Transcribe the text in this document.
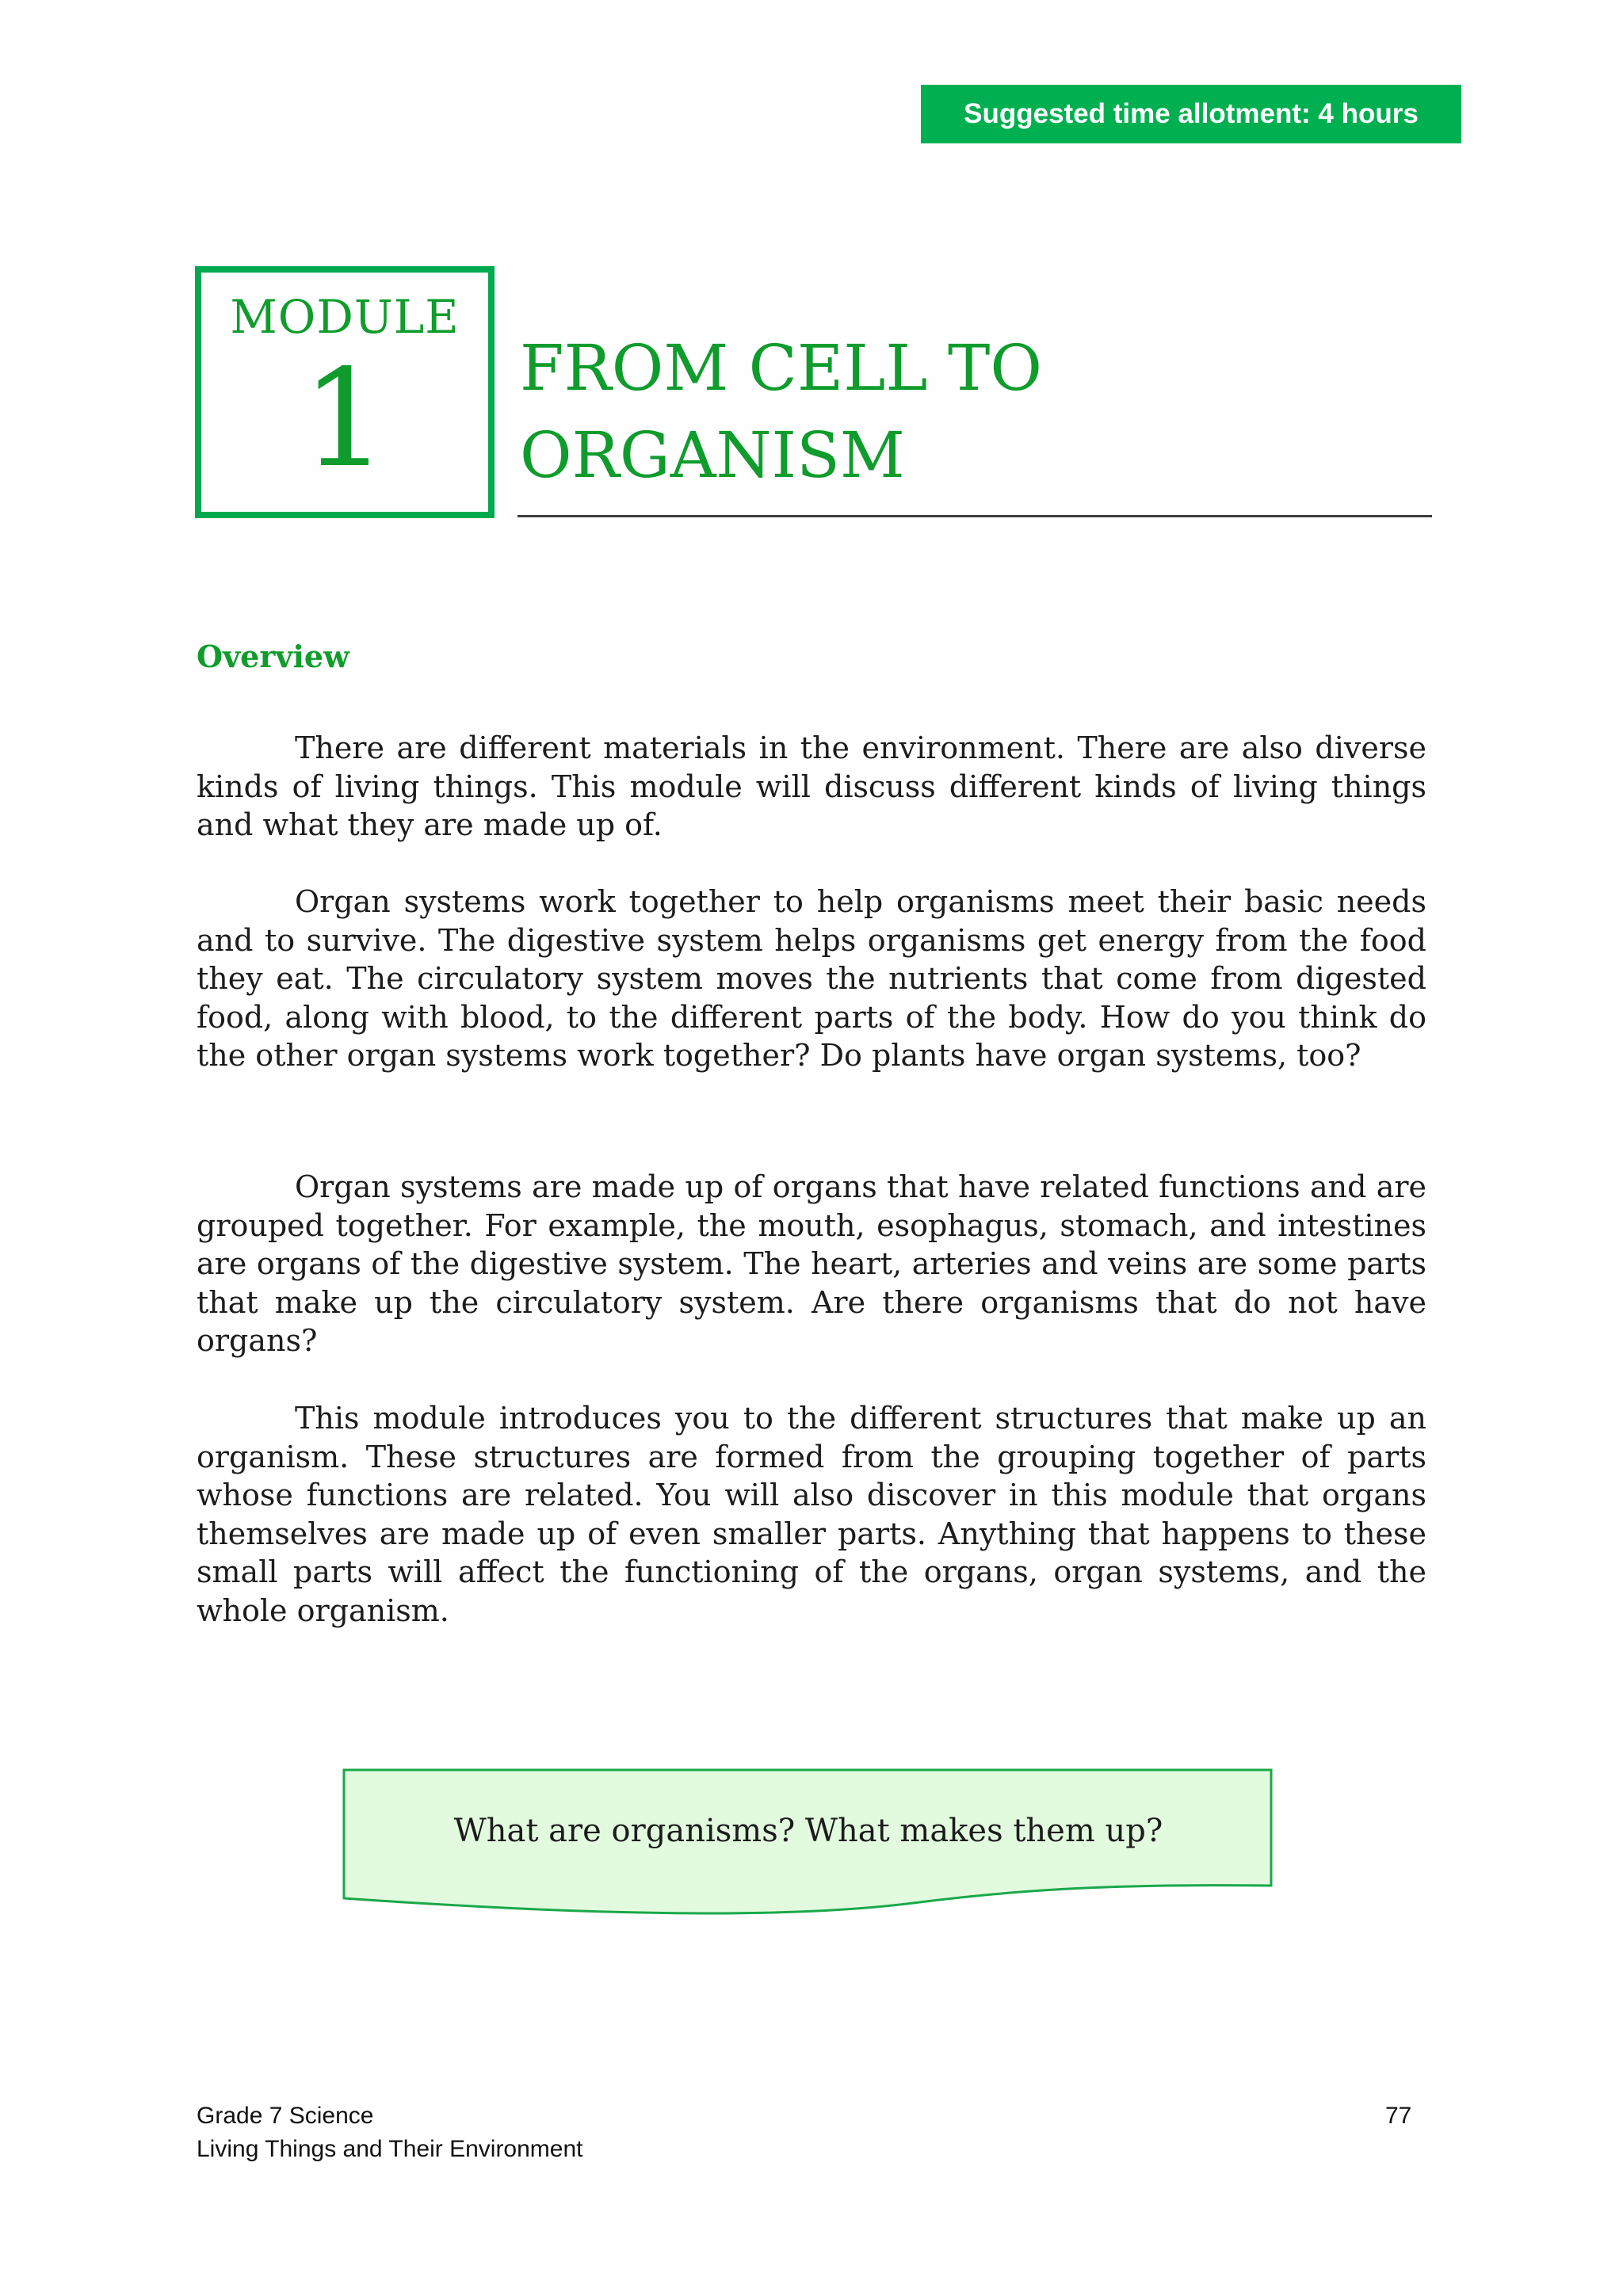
Suggested time allotment: 4 hours
MODULE
1	FROM CELL TO
ORGANISM
Overview

There are different materials in the environment. There are also diverse kinds of living things. This module will discuss different kinds of living things and what they are made up of.

Organ systems work together to help organisms meet their basic needs and to survive. The digestive system helps organisms get energy from the food they eat. The circulatory system moves the nutrients that come from digested food, along with blood, to the different parts of the body. How do you think do the other organ systems work together? Do plants have organ systems, too?

Organ systems are made up of organs that have related functions and are grouped together. For example, the mouth, esophagus, stomach, and intestines are organs of the digestive system. The heart, arteries and veins are some parts that make up the circulatory system. Are there organisms that do not have organs?

This module introduces you to the different structures that make up an organism. These structures are formed from the grouping together of parts whose functions are related. You will also discover in this module that organs themselves are made up of even smaller parts. Anything that happens to these small parts will affect the functioning of the organs, organ systems, and the whole organism.

What are organisms? What makes them up?
Grade 7 Science
Living Things and Their Environment
77
